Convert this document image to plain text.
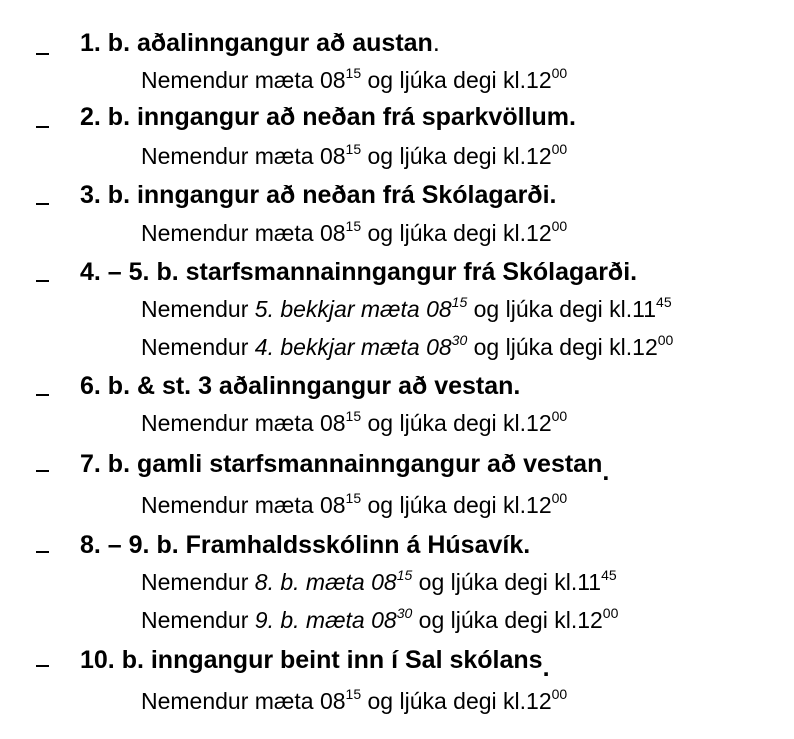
1. b. aðalinngangur að austan.
Nemendur mæta $08^{15}$ og ljúka degi $kl.12^{00}$
2. b. inngangur að neðan frá sparkvöllum.
Nemendur mæta $08^{15}$ og ljúka degi $kl.12^{00}$
3. b. inngangur að neðan frá Skólagarði.
Nemendur mæta $08^{15}$ og ljúka degi $kl.12^{00}$
4. – 5. b. starfsmannainngangur frá Skólagarði.
Nemendur 5. bekkjar mæta $08^{15}$ og ljúka degi $kl.11^{45}$
Nemendur 4. bekkjar mæta $08^{30}$ og ljúka degi $kl.12^{00}$
6. b. & st. 3 aðalinngangur að vestan.
Nemendur mæta $08^{15}$ og ljúka degi $kl.12^{00}$
7. b. gamli starfsmannainngangur að vestan.
Nemendur mæta $08^{15}$ og ljúka degi $kl.12^{00}$
8. – 9. b. Framhaldsskólinn á Húsavík.
Nemendur 8. b. mæta $08^{15}$ og ljúka degi $kl.11^{45}$
Nemendur 9. b. mæta $08^{30}$ og ljúka degi $kl.12^{00}$
10. b. inngangur beint inn í Sal skólans.
Nemendur mæta $08^{15}$ og ljúka degi $kl.12^{00}$
